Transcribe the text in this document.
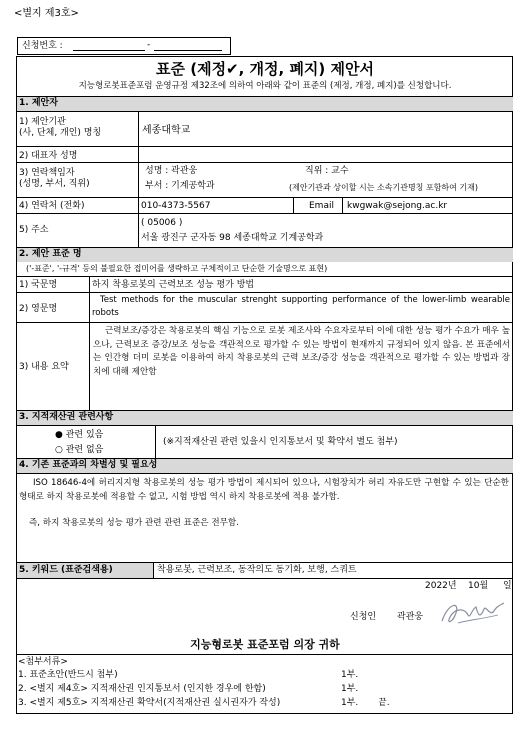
<별지 제3호>
신청번호 :	-
표준 (제정✔, 개정, 폐지) 제안서
지능형로봇표준포럼 운영규정 제32조에 의하여 아래와 같이 표준의 (제정, 개정, 폐지)를 신청합니다.
1. 제안자
1) 제안기관
(사, 단체, 개인) 명칭	세종대학교
2) 대표자 성명
3) 연락책임자
(성명, 부서, 직위)
성명 : 곽관웅	직위 : 교수
부서 : 기계공학과	(제안기관과 상이할 시는 소속기관명칭 포함하여 기재)
4) 연락처 (전화)	010-4373-5567	Email kwgwak@sejong.ac.kr
5) 주소
( 05006 )
서울 광진구 군자동 98 세종대학교 기계공학과
2. 제안 표준 명
('-표준', '-규격' 등의 불필요한 접미어를 생략하고 구체적이고 단순한 기술명으로 표현)
1) 국문명	하지 착용로봇의 근력보조 성능 평가 방법
2) 영문명
Test methods for the muscular strenght supporting performance of the lower-limb wearable robots
3) 내용 요약
근력보조/증강은 착용로봇의 핵심 기능으로 로봇 제조사와 수요자로부터 이에 대한 성능 평가 수요가 매우 높으나, 근력보조 증강/보조 성능을 객관적으로 평가할 수 있는 방법이 현재까지 규정되어 있지 않음. 본 표준에서는 인간형 더미 로봇을 이용하여 하지 착용로봇의 근력 보조/증강 성능을 객관적으로 평가할 수 있는 방법과 장치에 대해 제안함
3. 지적재산권 관련사항
● 관련 있음
○ 관련 없음
(※지적재산권 관련 있을시 인지통보서 및 확약서 별도 첨부)
4. 기존 표준과의 차별성 및 필요성
ISO 18646-4에 허리지지형 착용로봇의 성능 평가 방법이 제시되어 있으나, 시험장치가 허리 자유도만 구현할 수 있는 단순한 형태로 하지 착용로봇에 적용할 수 없고, 시험 방법 역시 하지 착용로봇에 적용 불가함.
즉, 하지 착용로봇의 성능 평가 관련 관련 표준은 전무함.
5. 키워드 (표준검색용)	착용로봇, 근력보조, 동작의도 동기화, 보행, 스쿼트
2022년 10월 일
신청인 곽관웅
지능형로봇 표준포럼 의장 귀하
<첨부서류>
1. 표준초안(반드시 첨부)	1부.
2. <별지 제4호> 지적재산권 인지통보서 (인지한 경우에 한함)	1부.
3. <별지 제5호> 지적재산권 확약서(지적재산권 실시권자가 작성)	1부. 끝.
